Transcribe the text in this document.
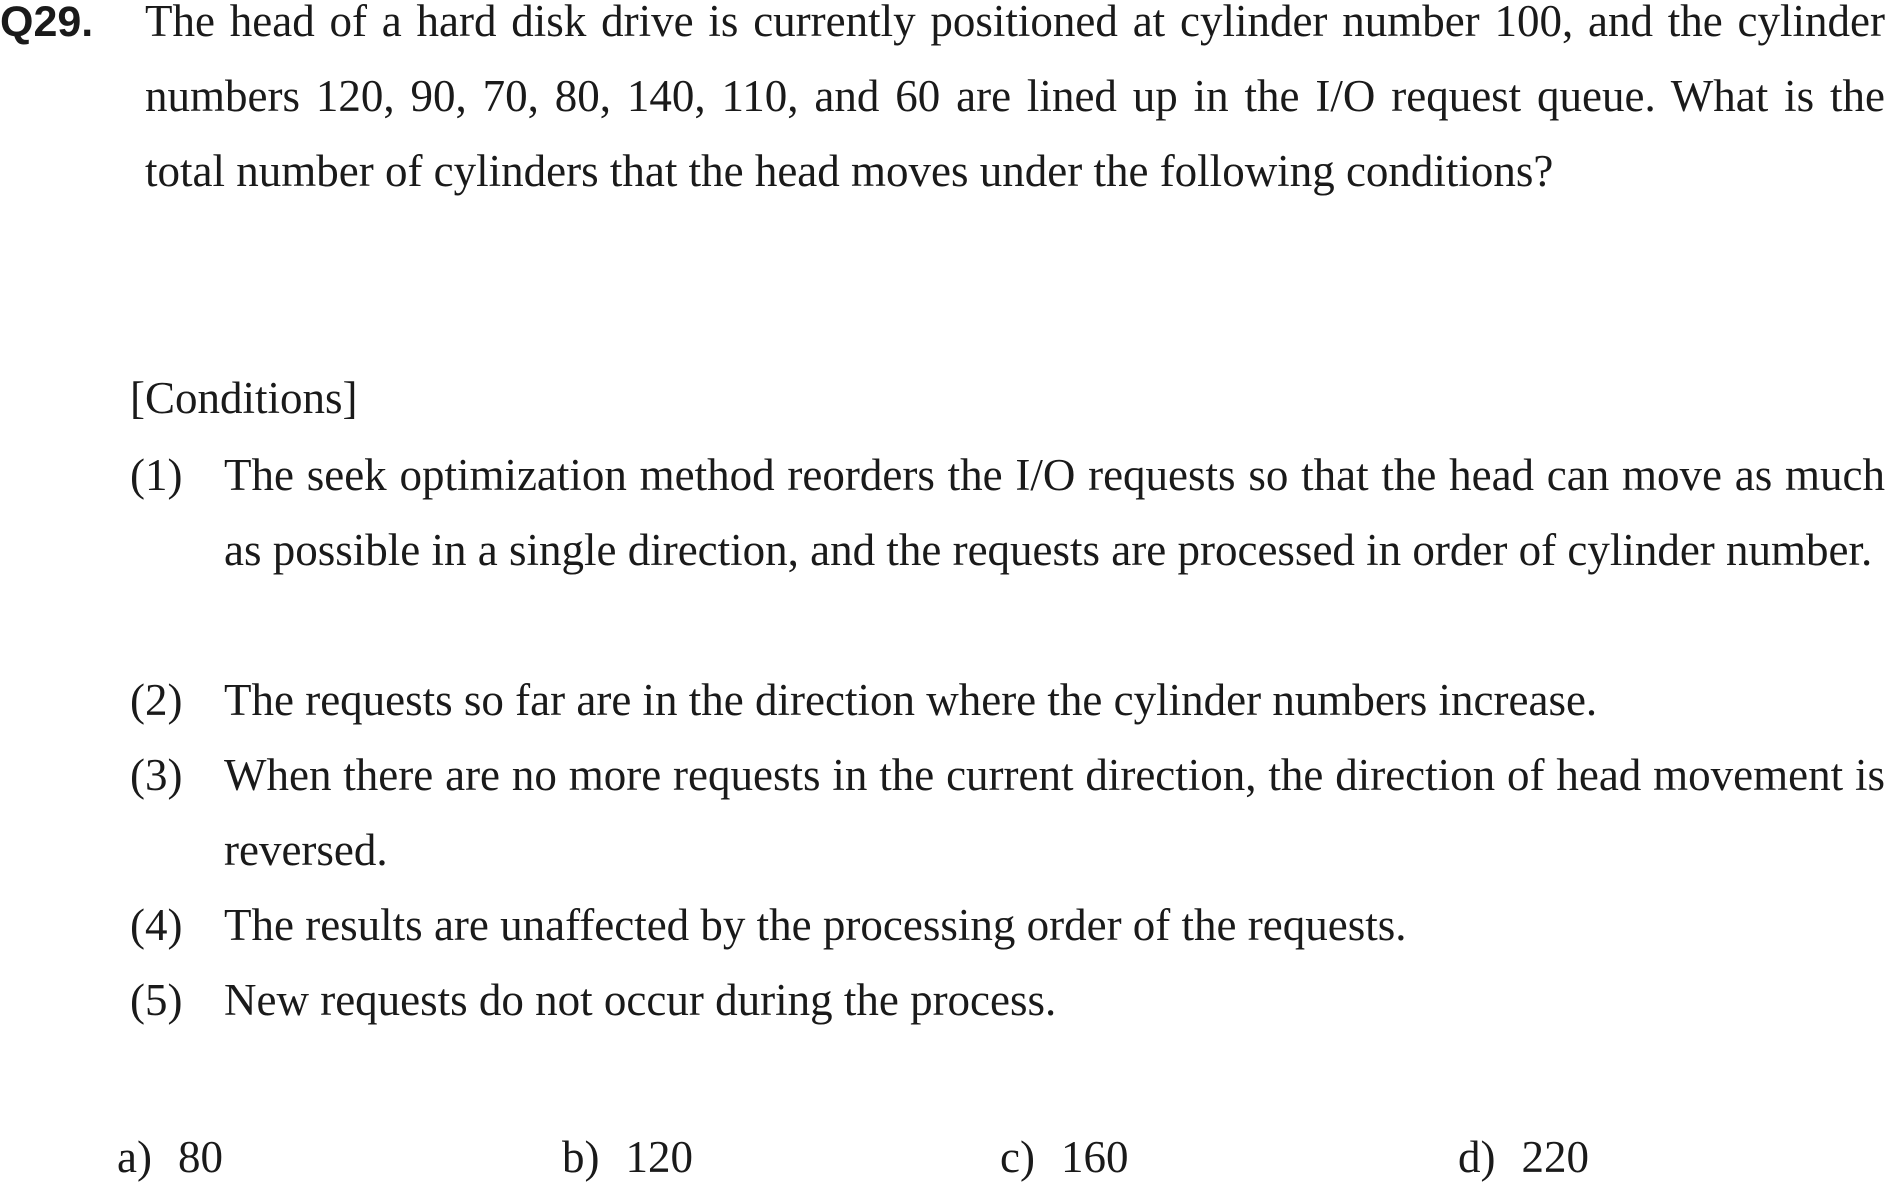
Q29. The head of a hard disk drive is currently positioned at cylinder number 100, and the cylinder numbers 120, 90, 70, 80, 140, 110, and 60 are lined up in the I/O request queue. What is the total number of cylinders that the head moves under the following conditions?
[Conditions]
(1) The seek optimization method reorders the I/O requests so that the head can move as much as possible in a single direction, and the requests are processed in order of cylinder number.
(2) The requests so far are in the direction where the cylinder numbers increase.
(3) When there are no more requests in the current direction, the direction of head movement is reversed.
(4) The results are unaffected by the processing order of the requests.
(5) New requests do not occur during the process.
a) 80	b) 120	c) 160	d) 220
